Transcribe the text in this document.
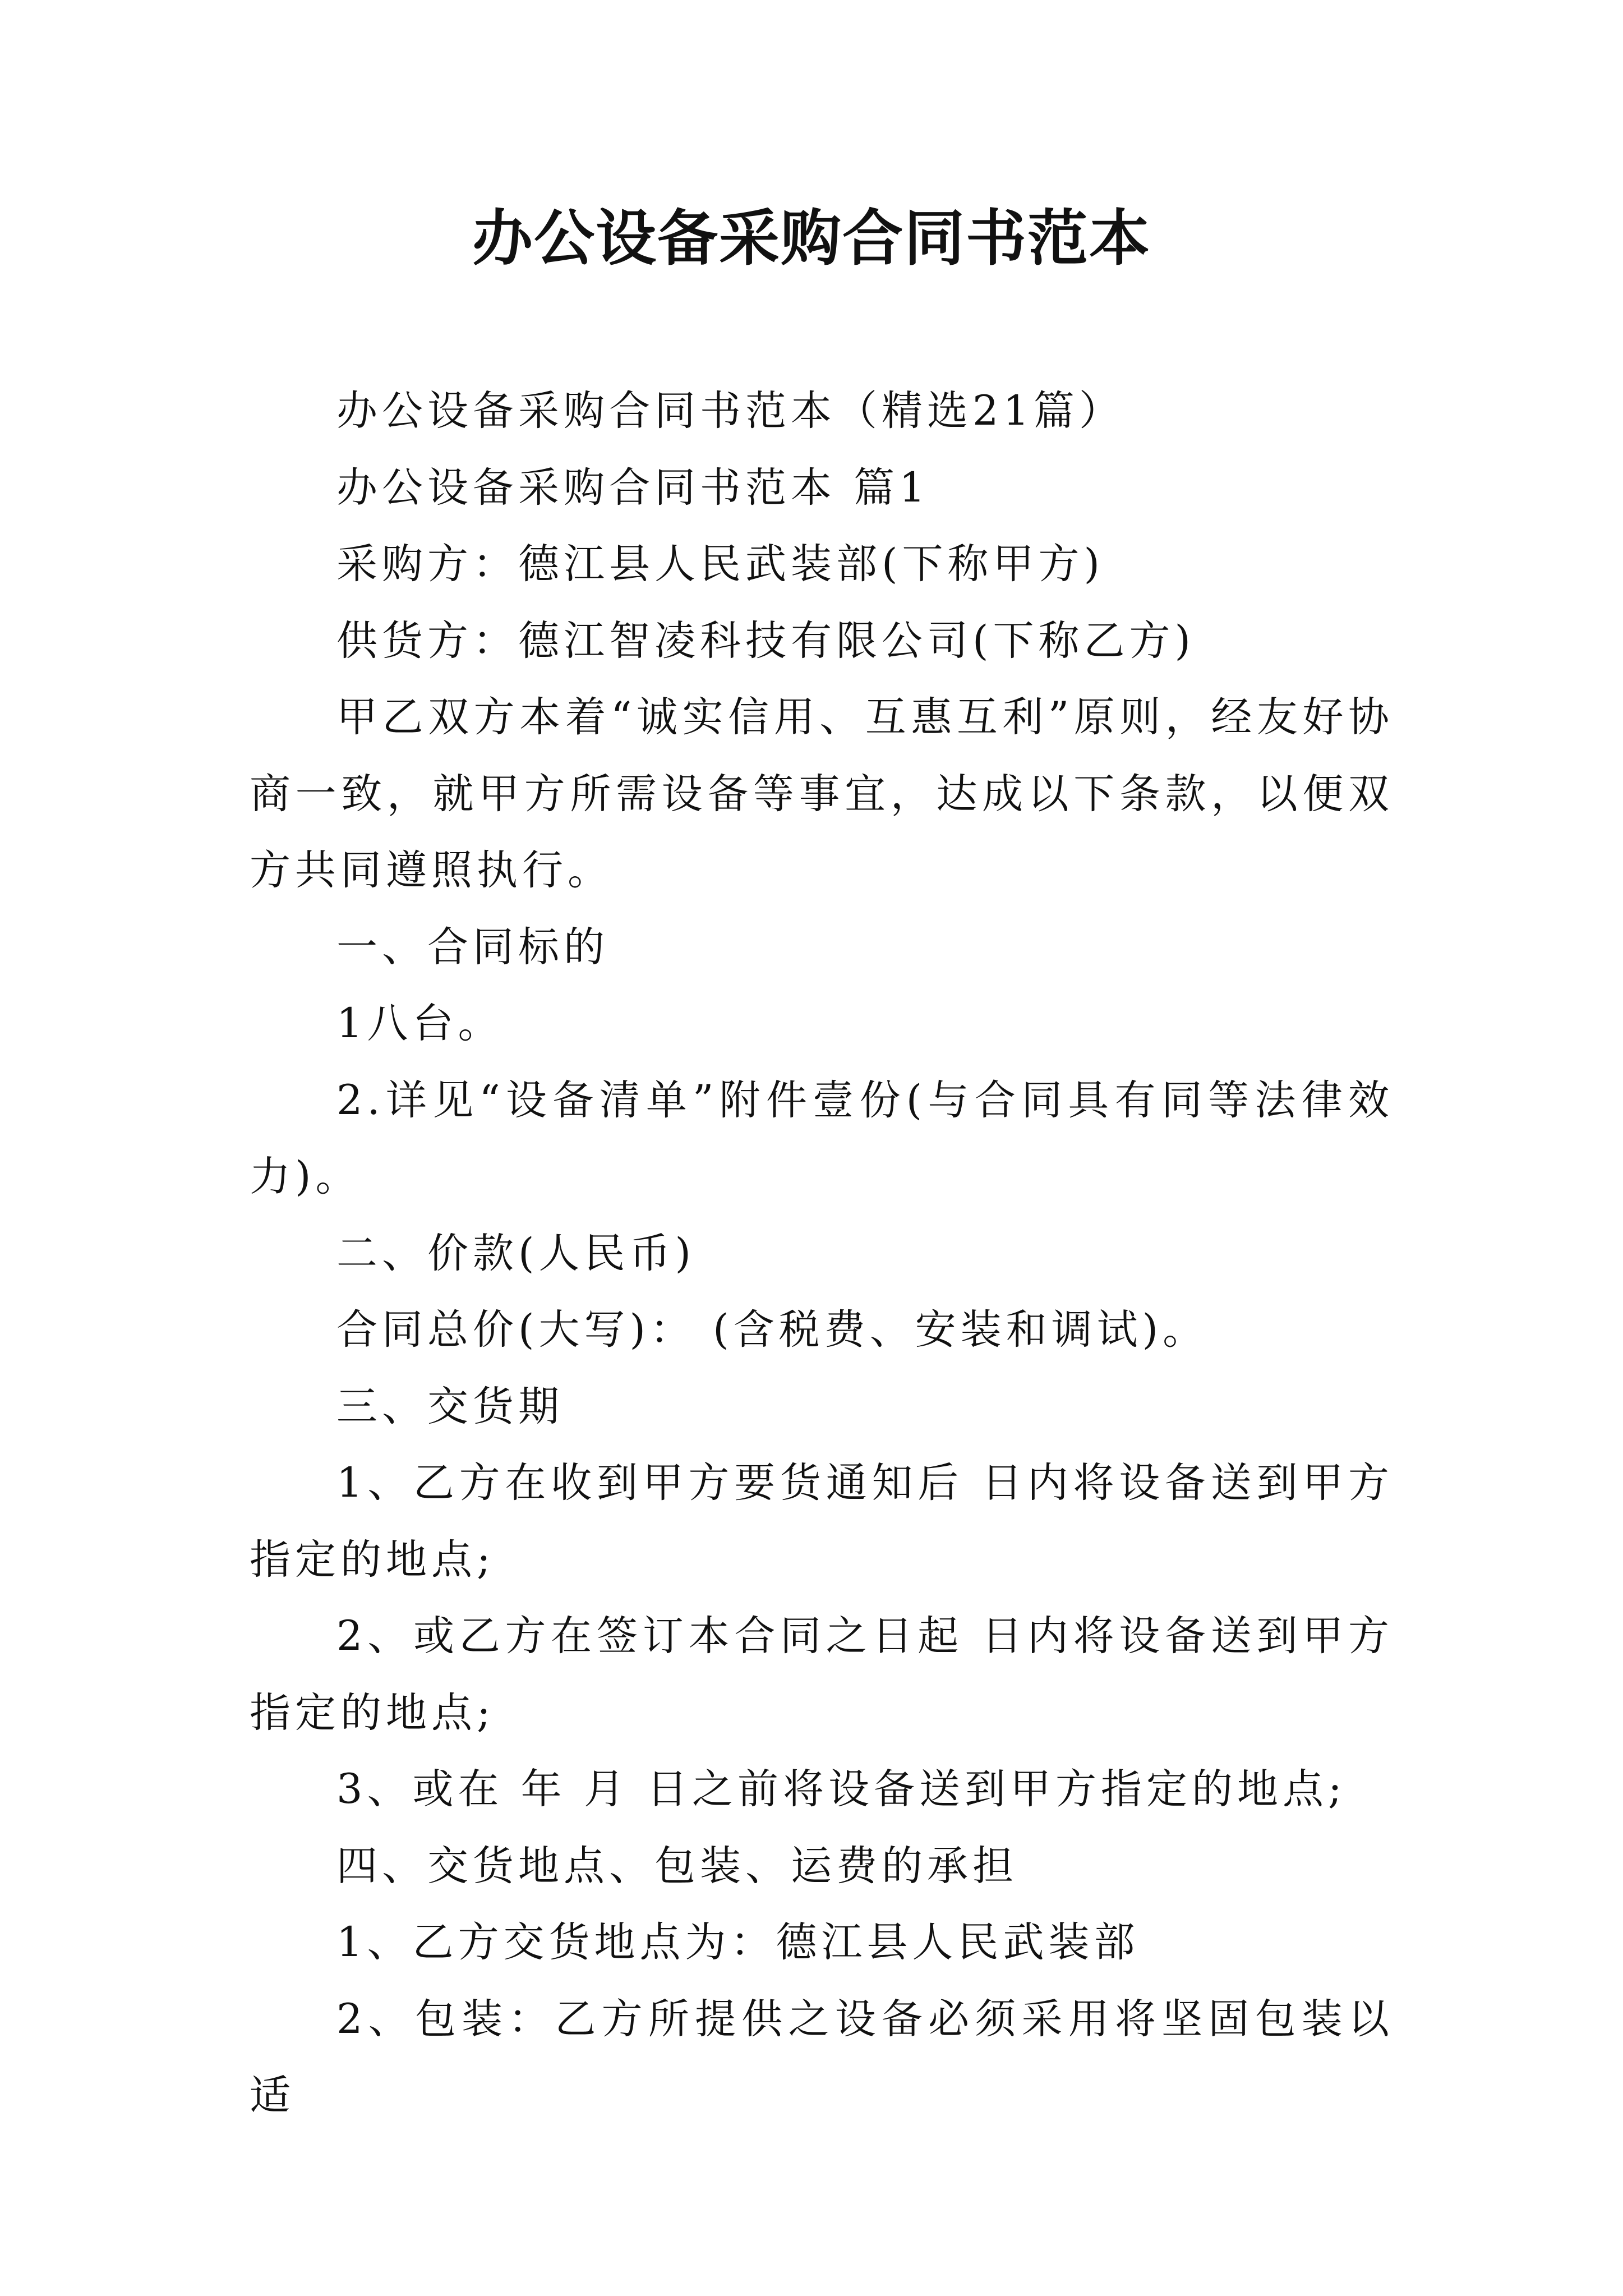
办公设备采购合同书范本

办公设备采购合同书范本（精选21篇）

办公设备采购合同书范本 篇1

采购方：德江县人民武装部(下称甲方)

供货方：德江智凌科技有限公司(下称乙方)

甲乙双方本着“诚实信用、互惠互利”原则，经友好协商一致，就甲方所需设备等事宜，达成以下条款，以便双方共同遵照执行。

一、合同标的

1八台。

2.详见“设备清单”附件壹份(与合同具有同等法律效力)。

二、价款(人民币)

合同总价(大写)： (含税费、安装和调试)。

三、交货期

1、乙方在收到甲方要货通知后 日内将设备送到甲方指定的地点;

2、或乙方在签订本合同之日起 日内将设备送到甲方指定的地点;

3、或在 年 月 日之前将设备送到甲方指定的地点;

四、交货地点、包装、运费的承担

1、乙方交货地点为：德江县人民武装部

2、包装：乙方所提供之设备必须采用将坚固包装以适
